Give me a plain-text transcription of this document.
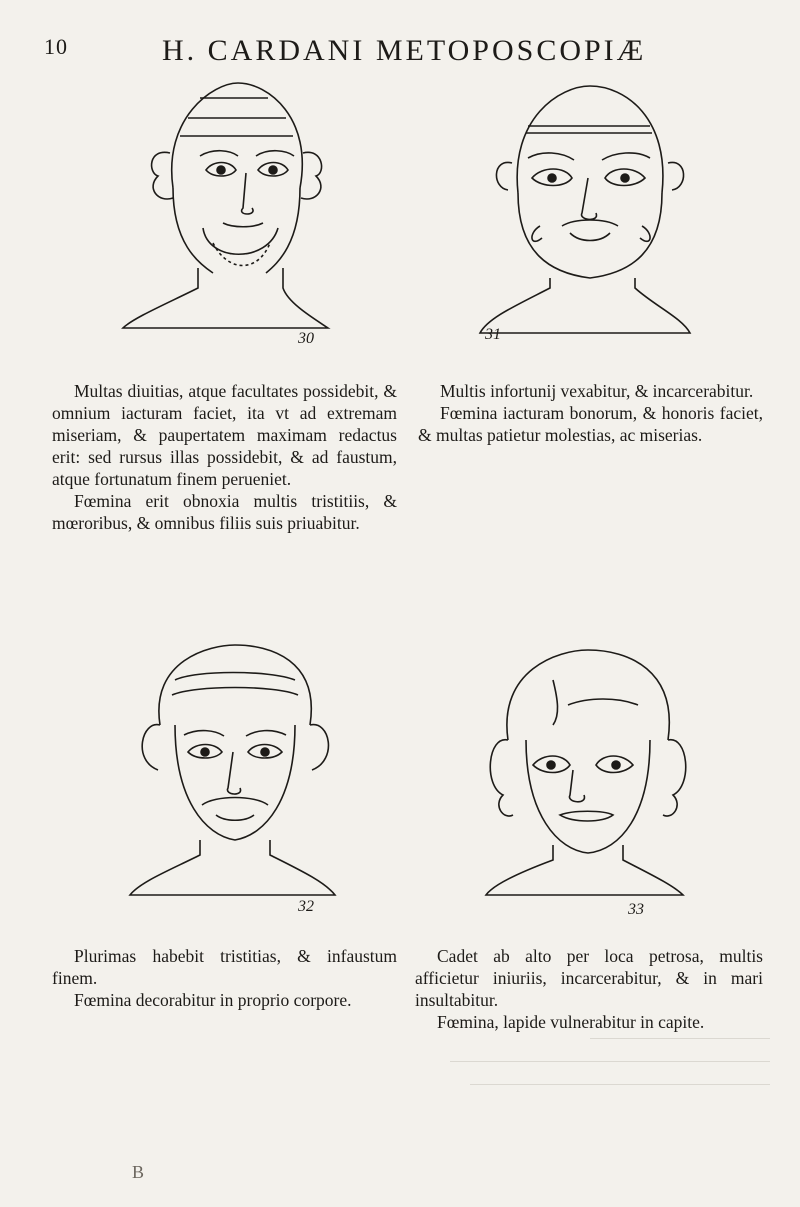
10	H. CARDANI METOPOSCOPIÆ
30	31

Multas diuitias, atque facultates possidebit, & omnium iacturam faciet, ita vt ad extremam miseriam, & paupertatem maximam redactus erit: sed rursus illas possidebit, & ad faustum, atque fortunatum finem perueniet.

Fœmina erit obnoxia multis tristitiis, & mœroribus, & omnibus filiis suis priuabitur.

Multis infortunij vexabitur, & incarcerabitur.

Fœmina iacturam bonorum, & honoris faciet, & multas patietur molestias, ac miserias.

32	33

Plurimas habebit tristitias, & infaustum finem.

Fœmina decorabitur in proprio corpore.

Cadet ab alto per loca petrosa, multis afficietur iniuriis, incarcerabitur, & in mari insultabitur.

Fœmina, lapide vulnerabitur in capite.

B
